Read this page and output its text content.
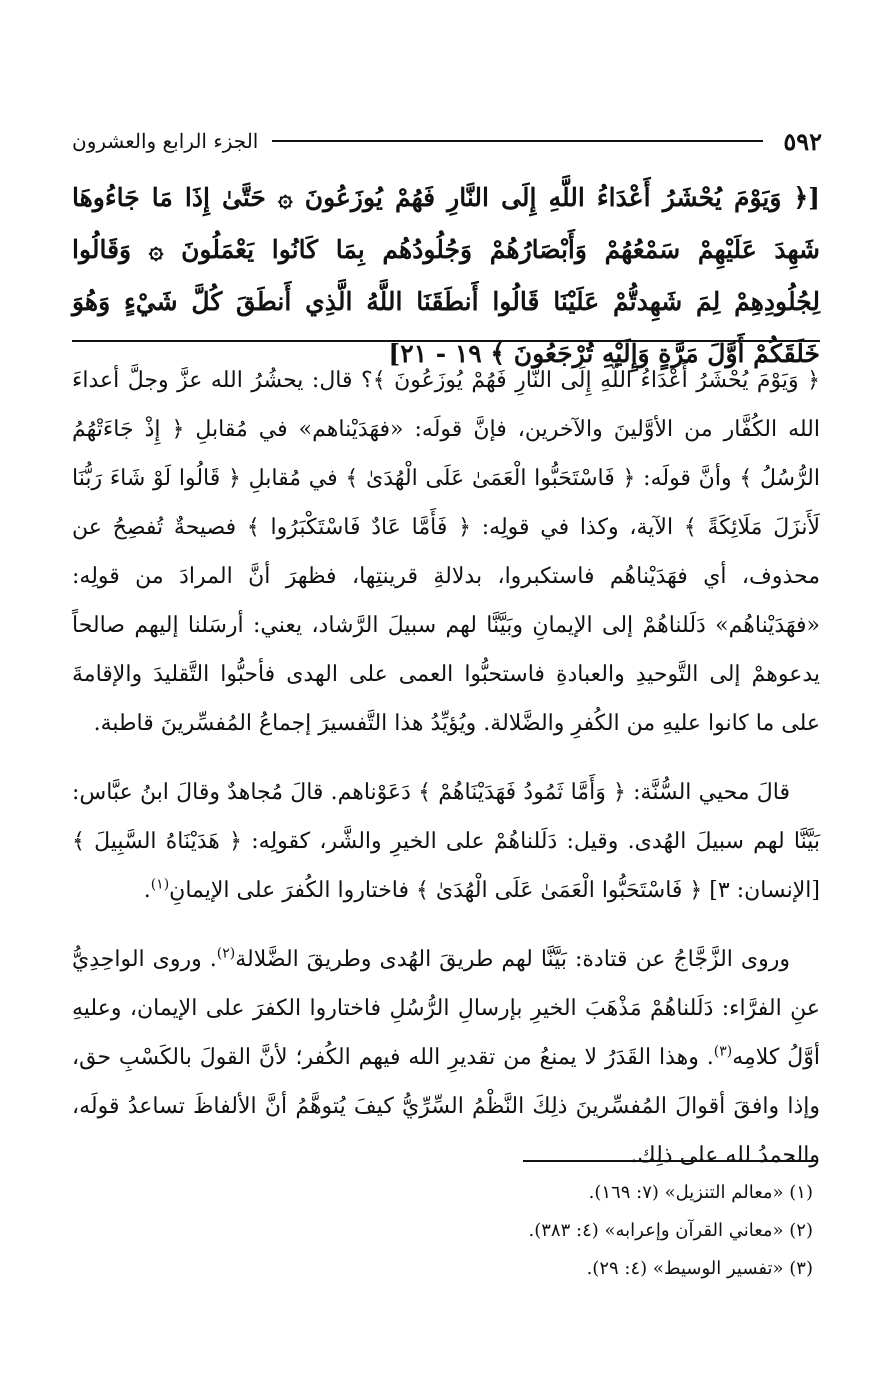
٥٩٢
الجزء الرابع والعشرون
[﴿ وَيَوْمَ يُحْشَرُ أَعْدَاءُ اللَّهِ إِلَى النَّارِ فَهُمْ يُوزَعُونَ ۞ حَتَّىٰ إِذَا مَا جَاءُوهَا شَهِدَ عَلَيْهِمْ سَمْعُهُمْ وَأَبْصَارُهُمْ وَجُلُودُهُم بِمَا كَانُوا يَعْمَلُونَ ۞ وَقَالُوا لِجُلُودِهِمْ لِمَ شَهِدتُّمْ عَلَيْنَا قَالُوا أَنطَقَنَا اللَّهُ الَّذِي أَنطَقَ كُلَّ شَيْءٍ وَهُوَ خَلَقَكُمْ أَوَّلَ مَرَّةٍ وَإِلَيْهِ تُرْجَعُونَ ﴾ ١٩ - ٢١]

﴿ وَيَوْمَ يُحْشَرُ أَعْدَاءُ اللَّهِ إِلَى النَّارِ فَهُمْ يُوزَعُونَ ﴾؟ قال: يحشُرُ الله عزَّ وجلَّ أعداءَ الله الكُفَّار من الأوَّلينَ والآخرين، فإنَّ قولَه: «فهَدَيْناهم» في مُقابلِ ﴿ إِذْ جَاءَتْهُمُ الرُّسُلُ ﴾ وأنَّ قولَه: ﴿ فَاسْتَحَبُّوا الْعَمَىٰ عَلَى الْهُدَىٰ ﴾ في مُقابلِ ﴿ قَالُوا لَوْ شَاءَ رَبُّنَا لَأَنزَلَ مَلَائِكَةً ﴾ الآية، وكذا في قولِه: ﴿ فَأَمَّا عَادٌ فَاسْتَكْبَرُوا ﴾ فصيحةٌ تُفصِحُ عن محذوف، أي فهَدَيْناهُم فاستكبروا، بدلالةِ قرينتِها، فظهرَ أنَّ المرادَ من قولِه: «فهَدَيْناهُم» دَلَلناهُمْ إلى الإيمانِ وبَيَّنَّا لهم سبيلَ الرَّشاد، يعني: أرسَلنا إليهم صالحاً يدعوهمْ إلى التَّوحيدِ والعبادةِ فاستحبُّوا العمى على الهدى فأحبُّوا التَّقليدَ والإقامةَ على ما كانوا عليهِ من الكُفرِ والضَّلالة. ويُؤيِّدُ هذا التَّفسيرَ إجماعُ المُفسِّرينَ قاطبة.

قالَ محيي السُّنَّة: ﴿ وَأَمَّا ثَمُودُ فَهَدَيْنَاهُمْ ﴾ دَعَوْناهم. قالَ مُجاهدٌ وقالَ ابنُ عبَّاس: بَيَّنَّا لهم سبيلَ الهُدى. وقيل: دَلَلناهُمْ على الخيرِ والشَّر، كقولِه: ﴿ هَدَيْنَاهُ السَّبِيلَ ﴾ [الإنسان: ٣] ﴿ فَاسْتَحَبُّوا الْعَمَىٰ عَلَى الْهُدَىٰ ﴾ فاختاروا الكُفرَ على الإيمانِ$^{(١)}$.

وروى الزَّجَّاجُ عن قتادة: بَيَّنَّا لهم طريقَ الهُدى وطريقَ الضَّلالة$^{(٢)}$. وروى الواحِدِيُّ عنِ الفرَّاء: دَلَلناهُمْ مَذْهَبَ الخيرِ بإرسالِ الرُّسُلِ فاختاروا الكفرَ على الإيمان، وعليهِ أوَّلُ كلامِه$^{(٣)}$. وهذا القَدَرُ لا يمنعُ من تقديرِ الله فيهم الكُفر؛ لأنَّ القولَ بالكَسْبِ حق، وإذا وافقَ أقوالَ المُفسِّرينَ ذلِكَ النَّظْمُ السِّرِّيُّ كيفَ يُتوهَّمُ أنَّ الألفاظَ تساعدُ قولَه، والحمدُ لله على ذلِك.

(١) «معالم التنزيل» (٧: ١٦٩).
(٢) «معاني القرآن وإعرابه» (٤: ٣٨٣).
(٣) «تفسير الوسيط» (٤: ٢٩).
